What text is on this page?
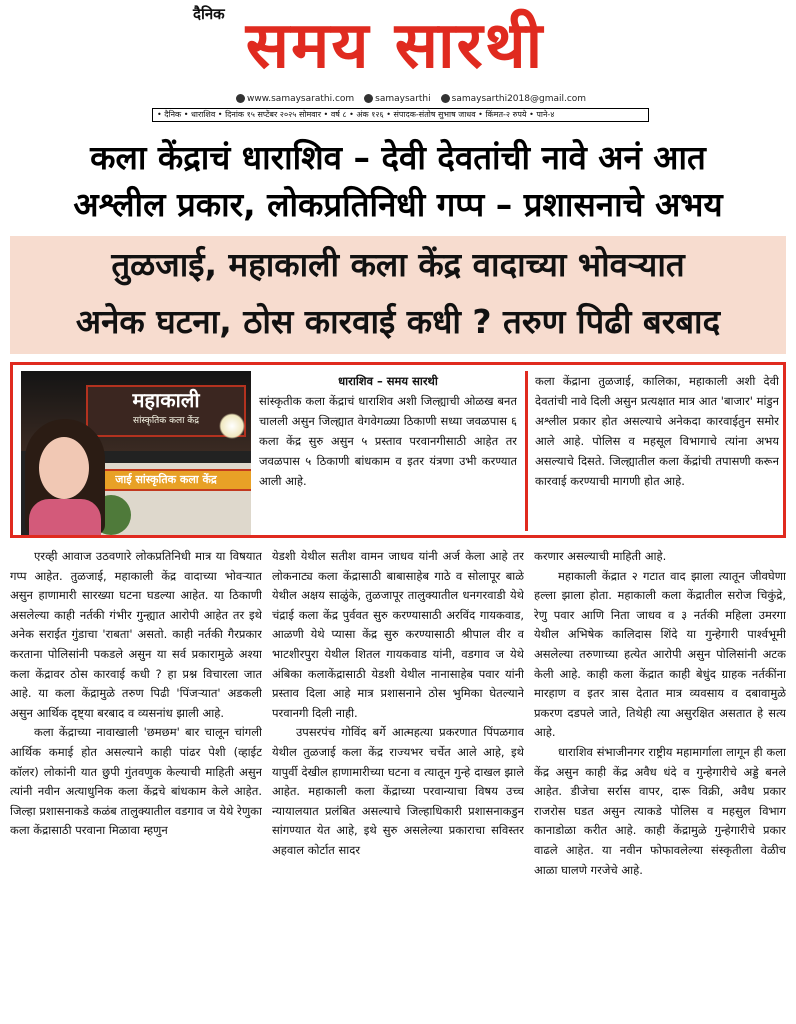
दैनिक समय सारथी
www.samaysarathi.com	samaysarthi	samaysarthi2018@gmail.com
• दैनिक • धाराशिव • दिनांक १५ सप्टेंबर २०२५ सोमवार • वर्ष ८ • अंक १२६ • संपादक-संतोष सुभाष जाधव • किंमत-२ रुपये • पाने-४
कला केंद्राचं धाराशिव – देवी देवतांची नावे अनं आत
अश्लील प्रकार, लोकप्रतिनिधी गप्प – प्रशासनाचे अभय
तुळजाई, महाकाली कला केंद्र वादाच्या भोवऱ्यात
अनेक घटना, ठोस कारवाई कधी ? तरुण पिढी बरबाद
महाकाली
सांस्कृतिक कला केंद्र
जाई सांस्कृतिक कला केंद्र
धाराशिव – समय सारथी
सांस्कृतीक कला केंद्राचं धाराशिव अशी जिल्ह्याची ओळख बनत चालली असुन जिल्ह्यात वेगवेगळ्या ठिकाणी सध्या जवळपास ६ कला केंद्र सुरु असुन ५ प्रस्ताव परवानगीसाठी आहेत तर जवळपास ५ ठिकाणी बांधकाम व इतर यंत्रणा उभी करण्यात आली आहे.
कला केंद्राना तुळजाई, कालिका, महाकाली अशी देवी देवतांची नावे दिली असुन प्रत्यक्षात मात्र आत 'बाजार' मांडुन अश्लील प्रकार होत असल्याचे अनेकदा कारवाईतुन समोर आले आहे. पोलिस व महसूल विभागाचे त्यांना अभय असल्याचे दिसते. जिल्ह्यातील कला केंद्रांची तपासणी करून कारवाई करण्याची मागणी होत आहे.

एरव्ही आवाज उठवणारे लोकप्रतिनिधी मात्र या विषयात गप्प आहेत. तुळजाई, महाकाली केंद्र वादाच्या भोवऱ्यात असुन हाणामारी सारख्या घटना घडल्या आहेत. या ठिकाणी असलेल्या काही नर्तकी गंभीर गुन्ह्यात आरोपी आहेत तर इथे अनेक सराईत गुंडाचा 'राबता' असतो. काही नर्तकी गैरप्रकार करताना पोलिसांनी पकडले असुन या सर्व प्रकारामुळे अश्या कला केंद्रावर ठोस कारवाई कधी ? हा प्रश्न विचारला जात आहे. या कला केंद्रामुळे तरुण पिढी 'पिंजऱ्यात' अडकली असुन आर्थिक दृष्ट्या बरबाद व व्यसनांध झाली आहे.

कला केंद्राच्या नावाखाली 'छमछम' बार चालून चांगली आर्थिक कमाई होत असल्याने काही पांढर पेशी (व्हाईट कॉलर) लोकांनी यात छुपी गुंतवणुक केल्याची माहिती असुन त्यांनी नवीन अत्याधुनिक कला केंद्रचे बांधकाम केले आहेत. जिल्हा प्रशासनाकडे कळंब तालुक्यातील वडगाव ज येथे रेणुका कला केंद्रासाठी परवाना मिळावा म्हणुन

येडशी येथील सतीश वामन जाधव यांनी अर्ज केला आहे तर लोकनाट्य कला केंद्रासाठी बाबासाहेब गाठे व सोलापूर बाळे येथील अक्षय साळुंके, तुळजापूर तालुक्यातील धनगरवाडी येथे चंद्राई कला केंद्र पुर्ववत सुरु करण्यासाठी अरविंद गायकवाड, आळणी येथे प्यासा केंद्र सुरु करण्यासाठी श्रीपाल वीर व भाटशीरपुरा येथील शितल गायकवाड यांनी, वडगाव ज येथे अंबिका कलाकेंद्रासाठी येडशी येथील नानासाहेब पवार यांनी प्रस्ताव दिला आहे मात्र प्रशासनाने ठोस भुमिका घेतल्याने परवानगी दिली नाही.

उपसरपंच गोविंद बर्गे आत्महत्या प्रकरणात पिंपळगाव येथील तुळजाई कला केंद्र राज्यभर चर्चेत आले आहे, इथे यापुर्वी देखील हाणामारीच्या घटना व त्यातून गुन्हे दाखल झाले आहेत. महाकाली कला केंद्राच्या परवान्याचा विषय उच्च न्यायालयात प्रलंबित असल्याचे जिल्हाधिकारी प्रशासनाकडुन सांगण्यात येत आहे, इथे सुरु असलेल्या प्रकाराचा सविस्तर अहवाल कोर्टात सादर

करणार असल्याची माहिती आहे.

महाकाली केंद्रात २ गटात वाद झाला त्यातून जीवघेणा हल्ला झाला होता. महाकाली कला केंद्रातील सरोज चिकुंद्रे, रेणु पवार आणि निता जाधव व ३ नर्तकी महिला उमरगा येथील अभिषेक कालिदास शिंदे या गुन्हेगारी पार्श्वभूमी असलेल्या तरुणाच्या हत्येत आरोपी असुन पोलिसांनी अटक केली आहे. काही कला केंद्रात काही बेधुंद ग्राहक नर्तकींना मारहाण व इतर त्रास देतात मात्र व्यवसाय व दबावामुळे प्रकरण दडपले जाते, तिथेही त्या असुरक्षित असतात हे सत्य आहे.

धाराशिव संभाजीनगर राष्ट्रीय महामार्गाला लागून ही कला केंद्र असुन काही केंद्र अवैध धंदे व गुन्हेगारीचे अड्डे बनले आहेत. डीजेचा सर्रास वापर, दारू विक्री, अवैध प्रकार राजरोस घडत असुन त्याकडे पोलिस व महसुल विभाग कानाडोळा करीत आहे. काही केंद्रामुळे गुन्हेगारीचे प्रकार वाढले आहेत. या नवीन फोफावलेल्या संस्कृतीला वेळीच आळा घालणे गरजेचे आहे.
